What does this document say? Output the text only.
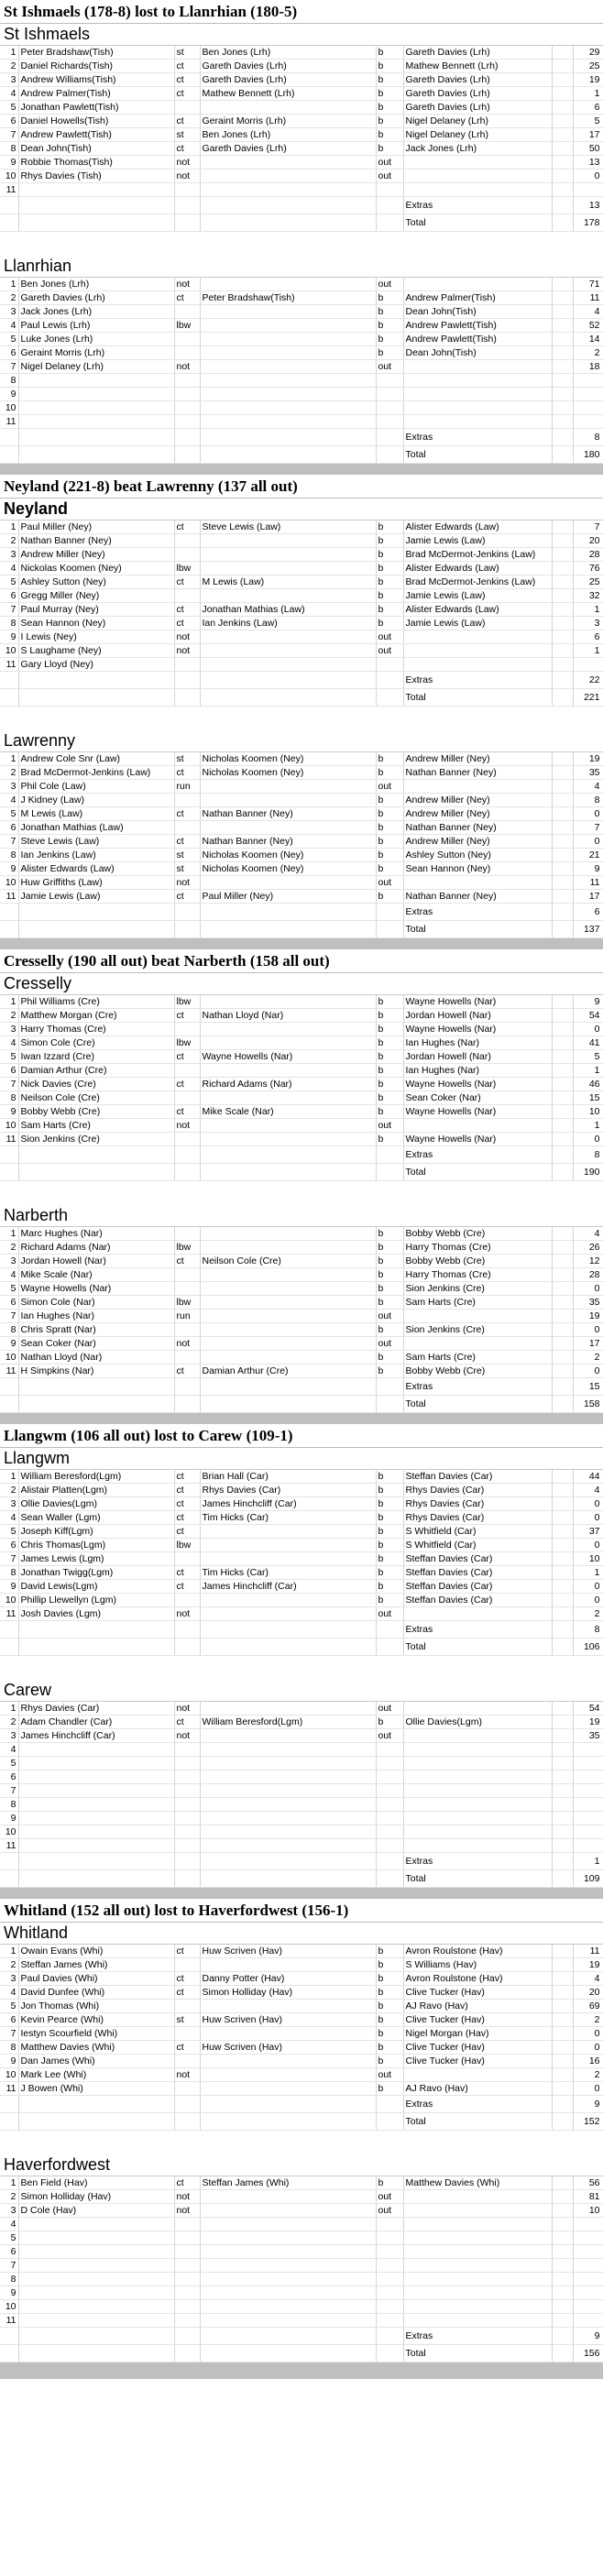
St Ishmaels (178-8) lost to Llanrhian (180-5)
St Ishmaels
1	Peter Bradshaw(Tish)	st	Ben Jones (Lrh)	b	Gareth Davies (Lrh)		29
2	Daniel Richards(Tish)	ct	Gareth Davies (Lrh)	b	Mathew Bennett (Lrh)		25
3	Andrew Williams(Tish)	ct	Gareth Davies (Lrh)	b	Gareth Davies (Lrh)		19
4	Andrew Palmer(Tish)	ct	Mathew Bennett (Lrh)	b	Gareth Davies (Lrh)		1
5	Jonathan Pawlett(Tish)			b	Gareth Davies (Lrh)		6
6	Daniel Howells(Tish)	ct	Geraint Morris (Lrh)	b	Nigel Delaney (Lrh)		5
7	Andrew Pawlett(Tish)	st	Ben Jones (Lrh)	b	Nigel Delaney (Lrh)		17
8	Dean John(Tish)	ct	Gareth Davies (Lrh)	b	Jack Jones (Lrh)		50
9	Robbie Thomas(Tish)	not		out			13
10	Rhys Davies (Tish)	not		out			0
11							
					Extras		13
					Total		178
Llanrhian
1	Ben Jones (Lrh)	not		out			71
2	Gareth Davies (Lrh)	ct	Peter Bradshaw(Tish)	b	Andrew Palmer(Tish)		11
3	Jack Jones (Lrh)			b	Dean John(Tish)		4
4	Paul Lewis (Lrh)	lbw		b	Andrew Pawlett(Tish)		52
5	Luke Jones (Lrh)			b	Andrew Pawlett(Tish)		14
6	Geraint Morris (Lrh)			b	Dean John(Tish)		2
7	Nigel Delaney (Lrh)	not		out			18
8							
9							
10							
11							
					Extras		8
					Total		180
Neyland (221-8) beat Lawrenny (137 all out)
Neyland
1	Paul Miller (Ney)	ct	Steve Lewis (Law)	b	Alister Edwards (Law)		7
2	Nathan Banner (Ney)			b	Jamie Lewis (Law)		20
3	Andrew Miller (Ney)			b	Brad McDermot-Jenkins (Law)		28
4	Nickolas Koomen (Ney)	lbw		b	Alister Edwards (Law)		76
5	Ashley Sutton (Ney)	ct	M Lewis (Law)	b	Brad McDermot-Jenkins (Law)		25
6	Gregg Miller (Ney)			b	Jamie Lewis (Law)		32
7	Paul Murray (Ney)	ct	Jonathan Mathias (Law)	b	Alister Edwards (Law)		1
8	Sean Hannon (Ney)	ct	Ian Jenkins (Law)	b	Jamie Lewis (Law)		3
9	I Lewis (Ney)	not		out			6
10	S Laughame (Ney)	not		out			1
11	Gary Lloyd (Ney)						
					Extras		22
					Total		221
Lawrenny
1	Andrew Cole Snr (Law)	st	Nicholas Koomen (Ney)	b	Andrew Miller (Ney)		19
2	Brad McDermot-Jenkins (Law)	ct	Nicholas Koomen (Ney)	b	Nathan Banner (Ney)		35
3	Phil Cole (Law)	run		out			4
4	J Kidney (Law)			b	Andrew Miller (Ney)		8
5	M Lewis (Law)	ct	Nathan Banner (Ney)	b	Andrew Miller (Ney)		0
6	Jonathan Mathias (Law)			b	Nathan Banner (Ney)		7
7	Steve Lewis (Law)	ct	Nathan Banner (Ney)	b	Andrew Miller (Ney)		0
8	Ian Jenkins (Law)	st	Nicholas Koomen (Ney)	b	Ashley Sutton (Ney)		21
9	Alister Edwards (Law)	st	Nicholas Koomen (Ney)	b	Sean Hannon (Ney)		9
10	Huw Griffiths (Law)	not		out			11
11	Jamie Lewis (Law)	ct	Paul Miller (Ney)	b	Nathan Banner (Ney)		17
					Extras		6
					Total		137
Cresselly (190 all out) beat Narberth (158 all out)
Cresselly
1	Phil Williams (Cre)	lbw		b	Wayne Howells (Nar)		9
2	Matthew Morgan (Cre)	ct	Nathan Lloyd (Nar)	b	Jordan Howell (Nar)		54
3	Harry Thomas (Cre)			b	Wayne Howells (Nar)		0
4	Simon Cole (Cre)	lbw		b	Ian Hughes (Nar)		41
5	Iwan Izzard (Cre)	ct	Wayne Howells (Nar)	b	Jordan Howell (Nar)		5
6	Damian Arthur (Cre)			b	Ian Hughes (Nar)		1
7	Nick Davies (Cre)	ct	Richard Adams (Nar)	b	Wayne Howells (Nar)		46
8	Neilson Cole (Cre)			b	Sean Coker (Nar)		15
9	Bobby Webb (Cre)	ct	Mike Scale (Nar)	b	Wayne Howells (Nar)		10
10	Sam Harts (Cre)	not		out			1
11	Sion Jenkins (Cre)			b	Wayne Howells (Nar)		0
					Extras		8
					Total		190
Narberth
1	Marc Hughes (Nar)			b	Bobby Webb (Cre)		4
2	Richard Adams (Nar)	lbw		b	Harry Thomas (Cre)		26
3	Jordan Howell (Nar)	ct	Neilson Cole (Cre)	b	Bobby Webb (Cre)		12
4	Mike Scale (Nar)			b	Harry Thomas (Cre)		28
5	Wayne Howells (Nar)			b	Sion Jenkins (Cre)		0
6	Simon Cole (Nar)	lbw		b	Sam Harts (Cre)		35
7	Ian Hughes (Nar)	run		out			19
8	Chris Spratt (Nar)			b	Sion Jenkins (Cre)		0
9	Sean Coker (Nar)	not		out			17
10	Nathan Lloyd (Nar)			b	Sam Harts (Cre)		2
11	H Simpkins (Nar)	ct	Damian Arthur (Cre)	b	Bobby Webb (Cre)		0
					Extras		15
					Total		158
Llangwm (106 all out) lost to Carew (109-1)
Llangwm
1	William Beresford(Lgm)	ct	Brian Hall (Car)	b	Steffan Davies (Car)		44
2	Alistair Platten(Lgm)	ct	Rhys Davies (Car)	b	Rhys Davies (Car)		4
3	Ollie Davies(Lgm)	ct	James Hinchcliff (Car)	b	Rhys Davies (Car)		0
4	Sean Waller (Lgm)	ct	Tim Hicks (Car)	b	Rhys Davies (Car)		0
5	Joseph Kiff(Lgm)	ct		b	S Whitfield (Car)		37
6	Chris Thomas(Lgm)	lbw		b	S Whitfield (Car)		0
7	James Lewis (Lgm)			b	Steffan Davies (Car)		10
8	Jonathan Twigg(Lgm)	ct	Tim Hicks (Car)	b	Steffan Davies (Car)		1
9	David Lewis(Lgm)	ct	James Hinchcliff (Car)	b	Steffan Davies (Car)		0
10	Phillip Llewellyn (Lgm)			b	Steffan Davies (Car)		0
11	Josh Davies (Lgm)	not		out			2
					Extras		8
					Total		106
Carew
1	Rhys Davies (Car)	not		out			54
2	Adam Chandler (Car)	ct	William Beresford(Lgm)	b	Ollie Davies(Lgm)		19
3	James Hinchcliff (Car)	not		out			35
4							
5							
6							
7							
8							
9							
10							
11							
					Extras		1
					Total		109
Whitland (152 all out) lost to Haverfordwest (156-1)
Whitland
1	Owain Evans (Whi)	ct	Huw Scriven (Hav)	b	Avron Roulstone (Hav)		11
2	Steffan James (Whi)			b	S Williams (Hav)		19
3	Paul Davies (Whi)	ct	Danny Potter (Hav)	b	Avron Roulstone (Hav)		4
4	David Dunfee (Whi)	ct	Simon Holliday (Hav)	b	Clive Tucker (Hav)		20
5	Jon Thomas (Whi)			b	AJ Ravo (Hav)		69
6	Kevin Pearce (Whi)	st	Huw Scriven (Hav)	b	Clive Tucker (Hav)		2
7	Iestyn Scourfield (Whi)			b	Nigel Morgan (Hav)		0
8	Matthew Davies (Whi)	ct	Huw Scriven (Hav)	b	Clive Tucker (Hav)		0
9	Dan James (Whi)			b	Clive Tucker (Hav)		16
10	Mark Lee (Whi)	not		out			2
11	J Bowen (Whi)			b	AJ Ravo (Hav)		0
					Extras		9
					Total		152
Haverfordwest
1	Ben Field (Hav)	ct	Steffan James (Whi)	b	Matthew Davies (Whi)		56
2	Simon Holliday (Hav)	not		out			81
3	D Cole (Hav)	not		out			10
4							
5							
6							
7							
8							
9							
10							
11							
					Extras		9
					Total		156
